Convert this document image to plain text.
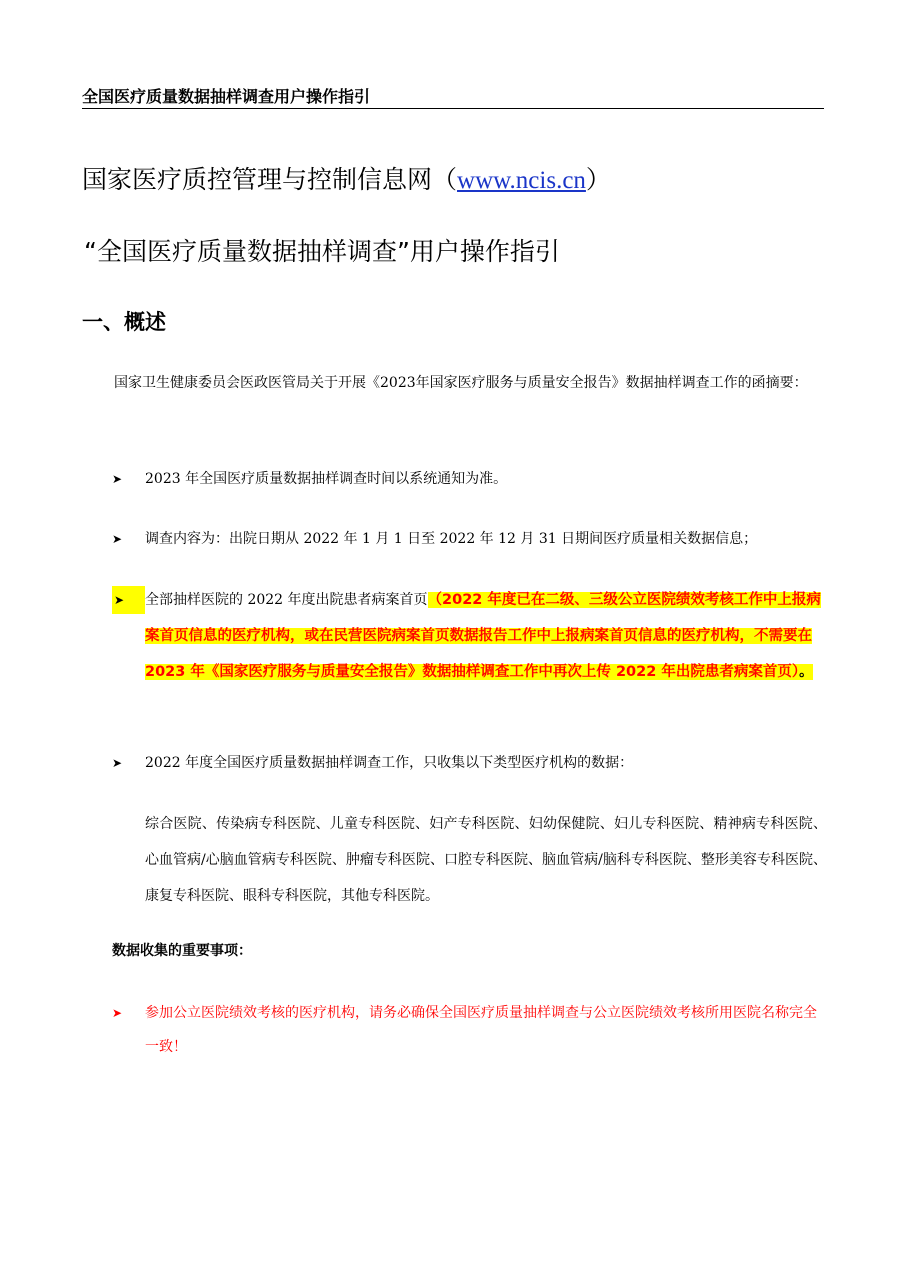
全国医疗质量数据抽样调查用户操作指引
国家医疗质控管理与控制信息网（www.ncis.cn）
“全国医疗质量数据抽样调查”用户操作指引
一、概述
国家卫生健康委员会医政医管局关于开展《2023年国家医疗服务与质量安全报告》数据抽样调查工作的函摘要：
➤	2023 年全国医疗质量数据抽样调查时间以系统通知为准。
➤	调查内容为：出院日期从 2022 年 1 月 1 日至 2022 年 12 月 31 日期间医疗质量相关数据信息；
➤ 全部抽样医院的 2022 年度出院患者病案首页（2022 年度已在二级、三级公立医院绩效考核工作中上报病案首页信息的医疗机构，或在民营医院病案首页数据报告工作中上报病案首页信息的医疗机构，不需要在 2023 年《国家医疗服务与质量安全报告》数据抽样调查工作中再次上传 2022 年出院患者病案首页）。
➤	2022 年度全国医疗质量数据抽样调查工作，只收集以下类型医疗机构的数据：
综合医院、传染病专科医院、儿童专科医院、妇产专科医院、妇幼保健院、妇儿专科医院、精神病专科医院、心血管病/心脑血管病专科医院、肿瘤专科医院、口腔专科医院、脑血管病/脑科专科医院、整形美容专科医院、康复专科医院、眼科专科医院，其他专科医院。
数据收集的重要事项：
➤ 参加公立医院绩效考核的医疗机构，请务必确保全国医疗质量抽样调查与公立医院绩效考核所用医院名称完全一致！
